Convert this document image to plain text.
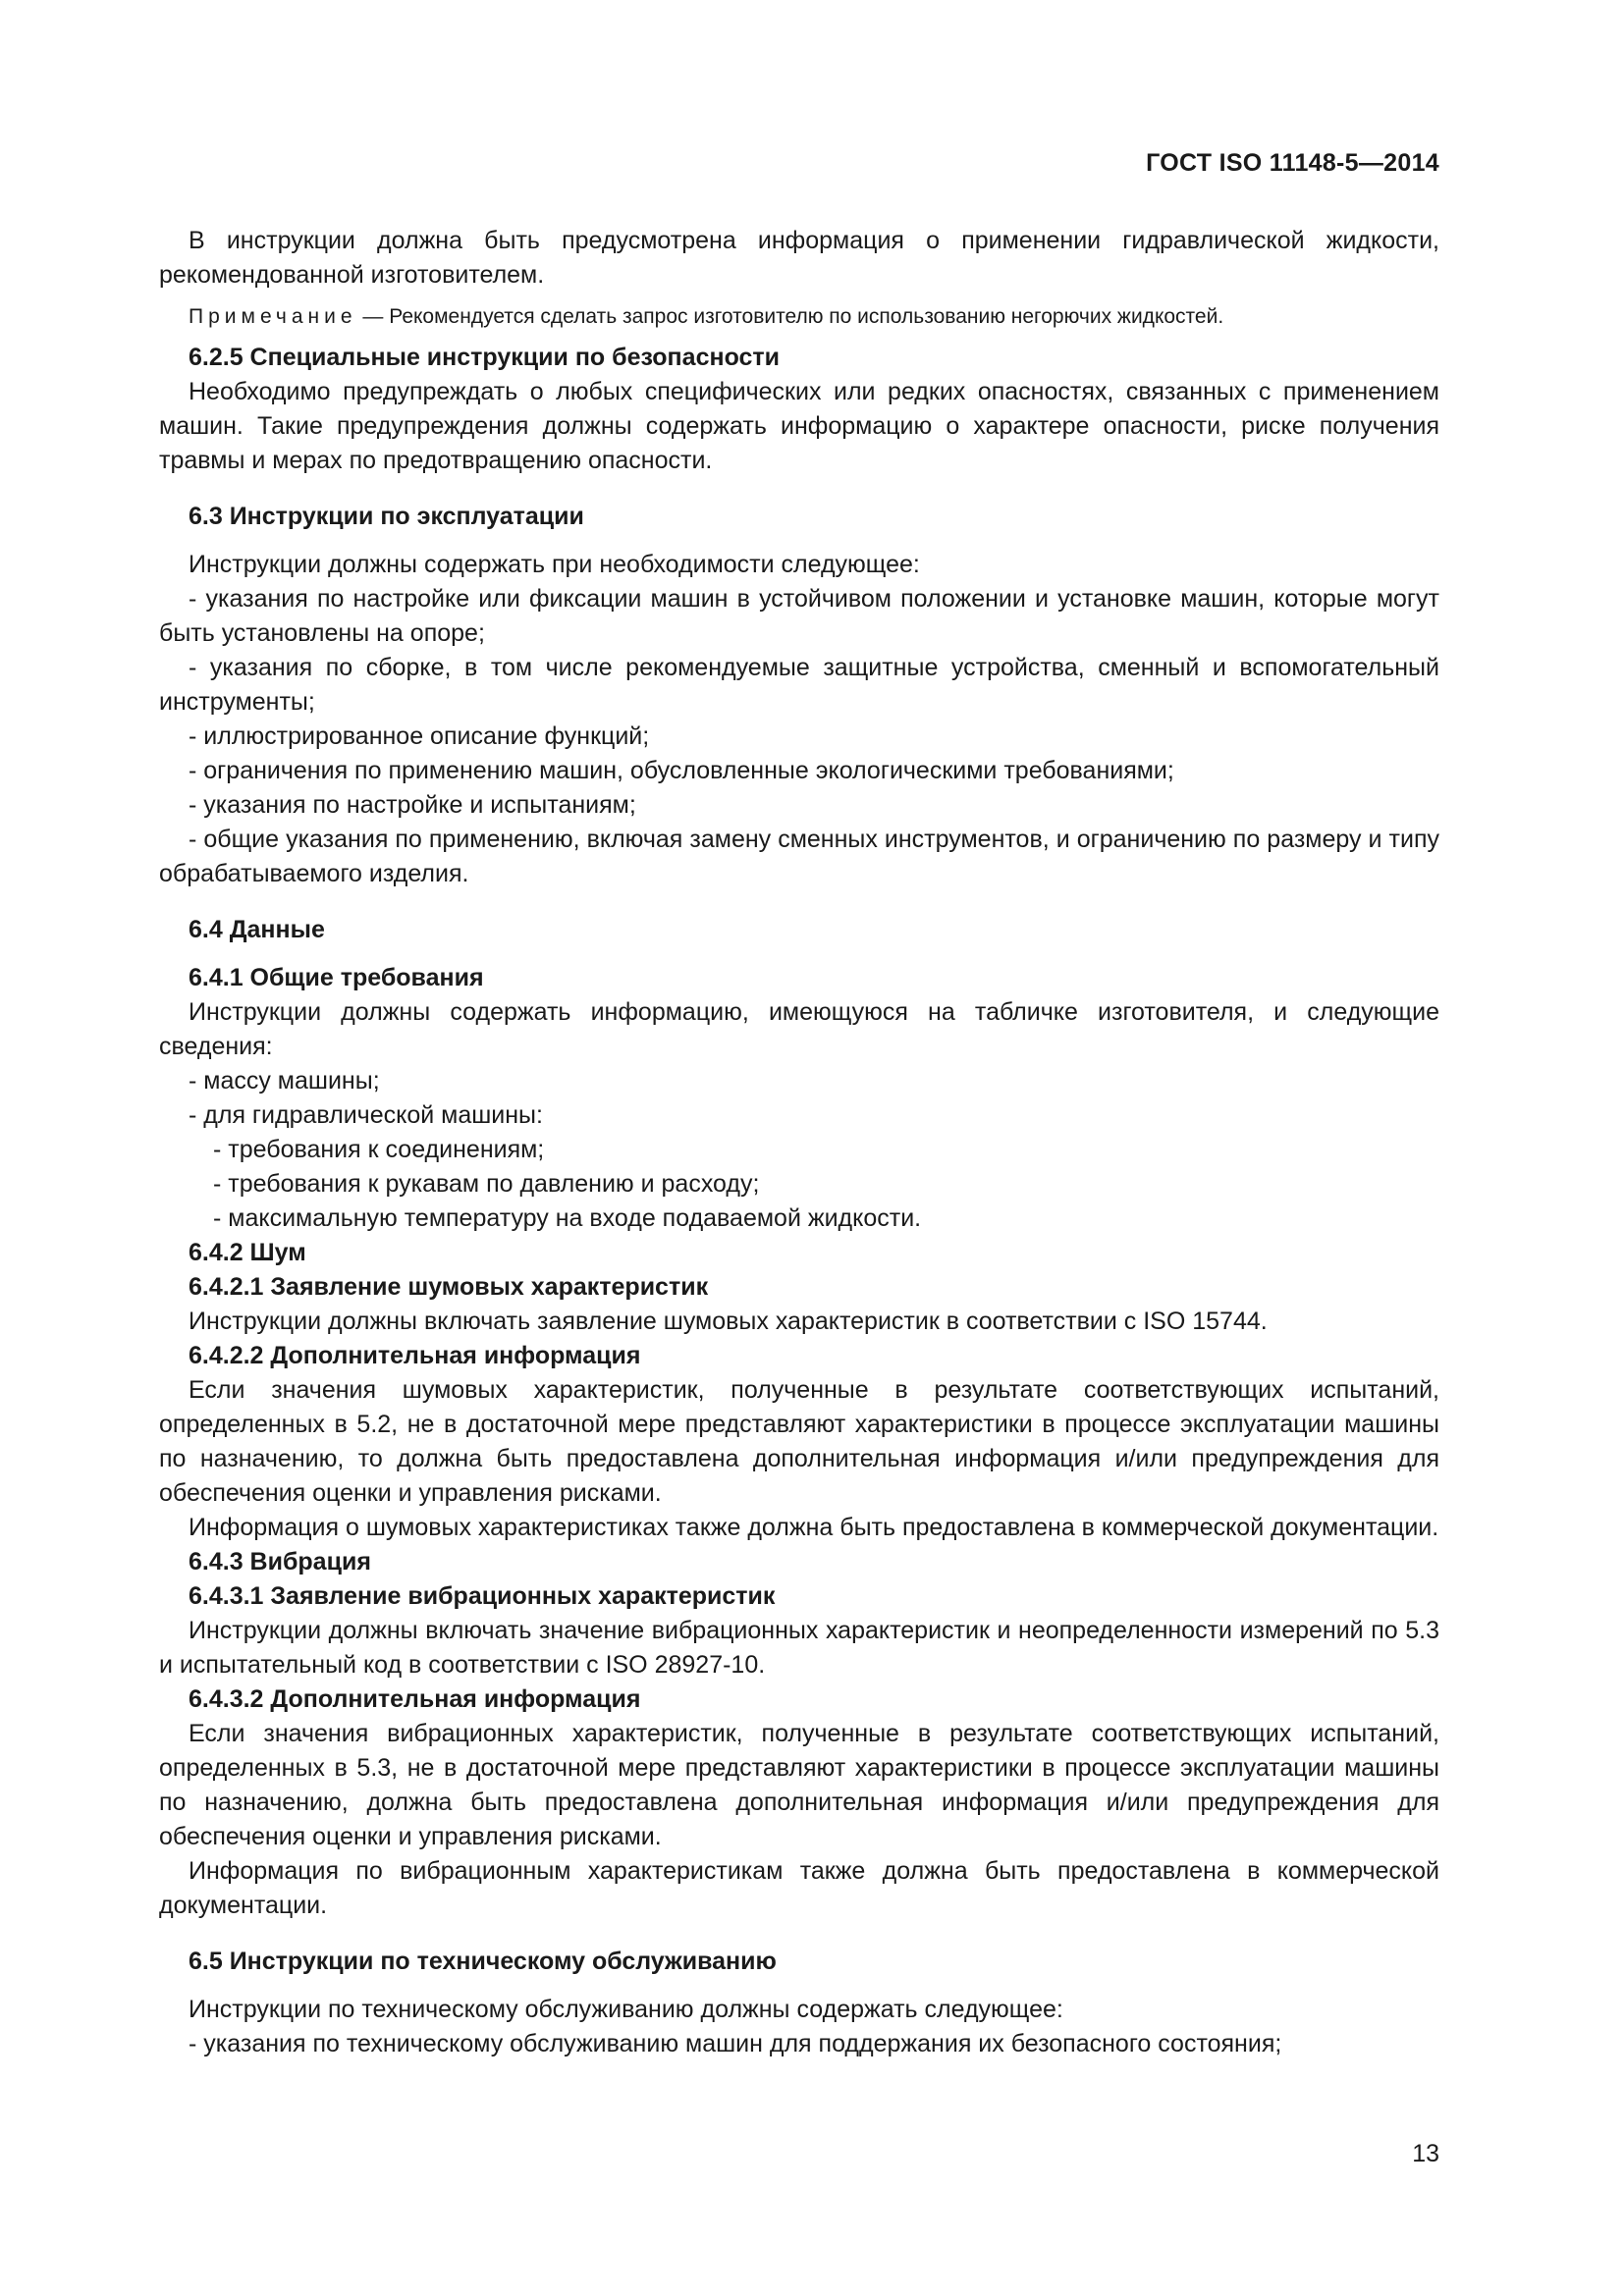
ГОСТ ISO 11148-5—2014

В инструкции должна быть предусмотрена информация о применении гидравлической жидкости, рекомендованной изготовителем.

Примечание — Рекомендуется сделать запрос изготовителю по использованию негорючих жидкостей.

6.2.5 Специальные инструкции по безопасности

Необходимо предупреждать о любых специфических или редких опасностях, связанных с применением машин. Такие предупреждения должны содержать информацию о характере опасности, риске получения травмы и мерах по предотвращению опасности.

6.3 Инструкции по эксплуатации

Инструкции должны содержать при необходимости следующее:

- указания по настройке или фиксации машин в устойчивом положении и установке машин, которые могут быть установлены на опоре;

- указания по сборке, в том числе рекомендуемые защитные устройства, сменный и вспомогательный инструменты;

- иллюстрированное описание функций;

- ограничения по применению машин, обусловленные экологическими требованиями;

- указания по настройке и испытаниям;

- общие указания по применению, включая замену сменных инструментов, и ограничению по размеру и типу обрабатываемого изделия.

6.4 Данные

6.4.1 Общие требования

Инструкции должны содержать информацию, имеющуюся на табличке изготовителя, и следующие сведения:

- массу машины;

- для гидравлической машины:

- требования к соединениям;

- требования к рукавам по давлению и расходу;

- максимальную температуру на входе подаваемой жидкости.

6.4.2 Шум

6.4.2.1 Заявление шумовых характеристик

Инструкции должны включать заявление шумовых характеристик в соответствии с ISO 15744.

6.4.2.2 Дополнительная информация

Если значения шумовых характеристик, полученные в результате соответствующих испытаний, определенных в 5.2, не в достаточной мере представляют характеристики в процессе эксплуатации машины по назначению, то должна быть предоставлена дополнительная информация и/или предупреждения для обеспечения оценки и управления рисками.

Информация о шумовых характеристиках также должна быть предоставлена в коммерческой документации.

6.4.3 Вибрация

6.4.3.1 Заявление вибрационных характеристик

Инструкции должны включать значение вибрационных характеристик и неопределенности измерений по 5.3 и испытательный код в соответствии с ISO 28927-10.

6.4.3.2 Дополнительная информация

Если значения вибрационных характеристик, полученные в результате соответствующих испытаний, определенных в 5.3, не в достаточной мере представляют характеристики в процессе эксплуатации машины по назначению, должна быть предоставлена дополнительная информация и/или предупреждения для обеспечения оценки и управления рисками.

Информация по вибрационным характеристикам также должна быть предоставлена в коммерческой документации.

6.5 Инструкции по техническому обслуживанию

Инструкции по техническому обслуживанию должны содержать следующее:

- указания по техническому обслуживанию машин для поддержания их безопасного состояния;

13
